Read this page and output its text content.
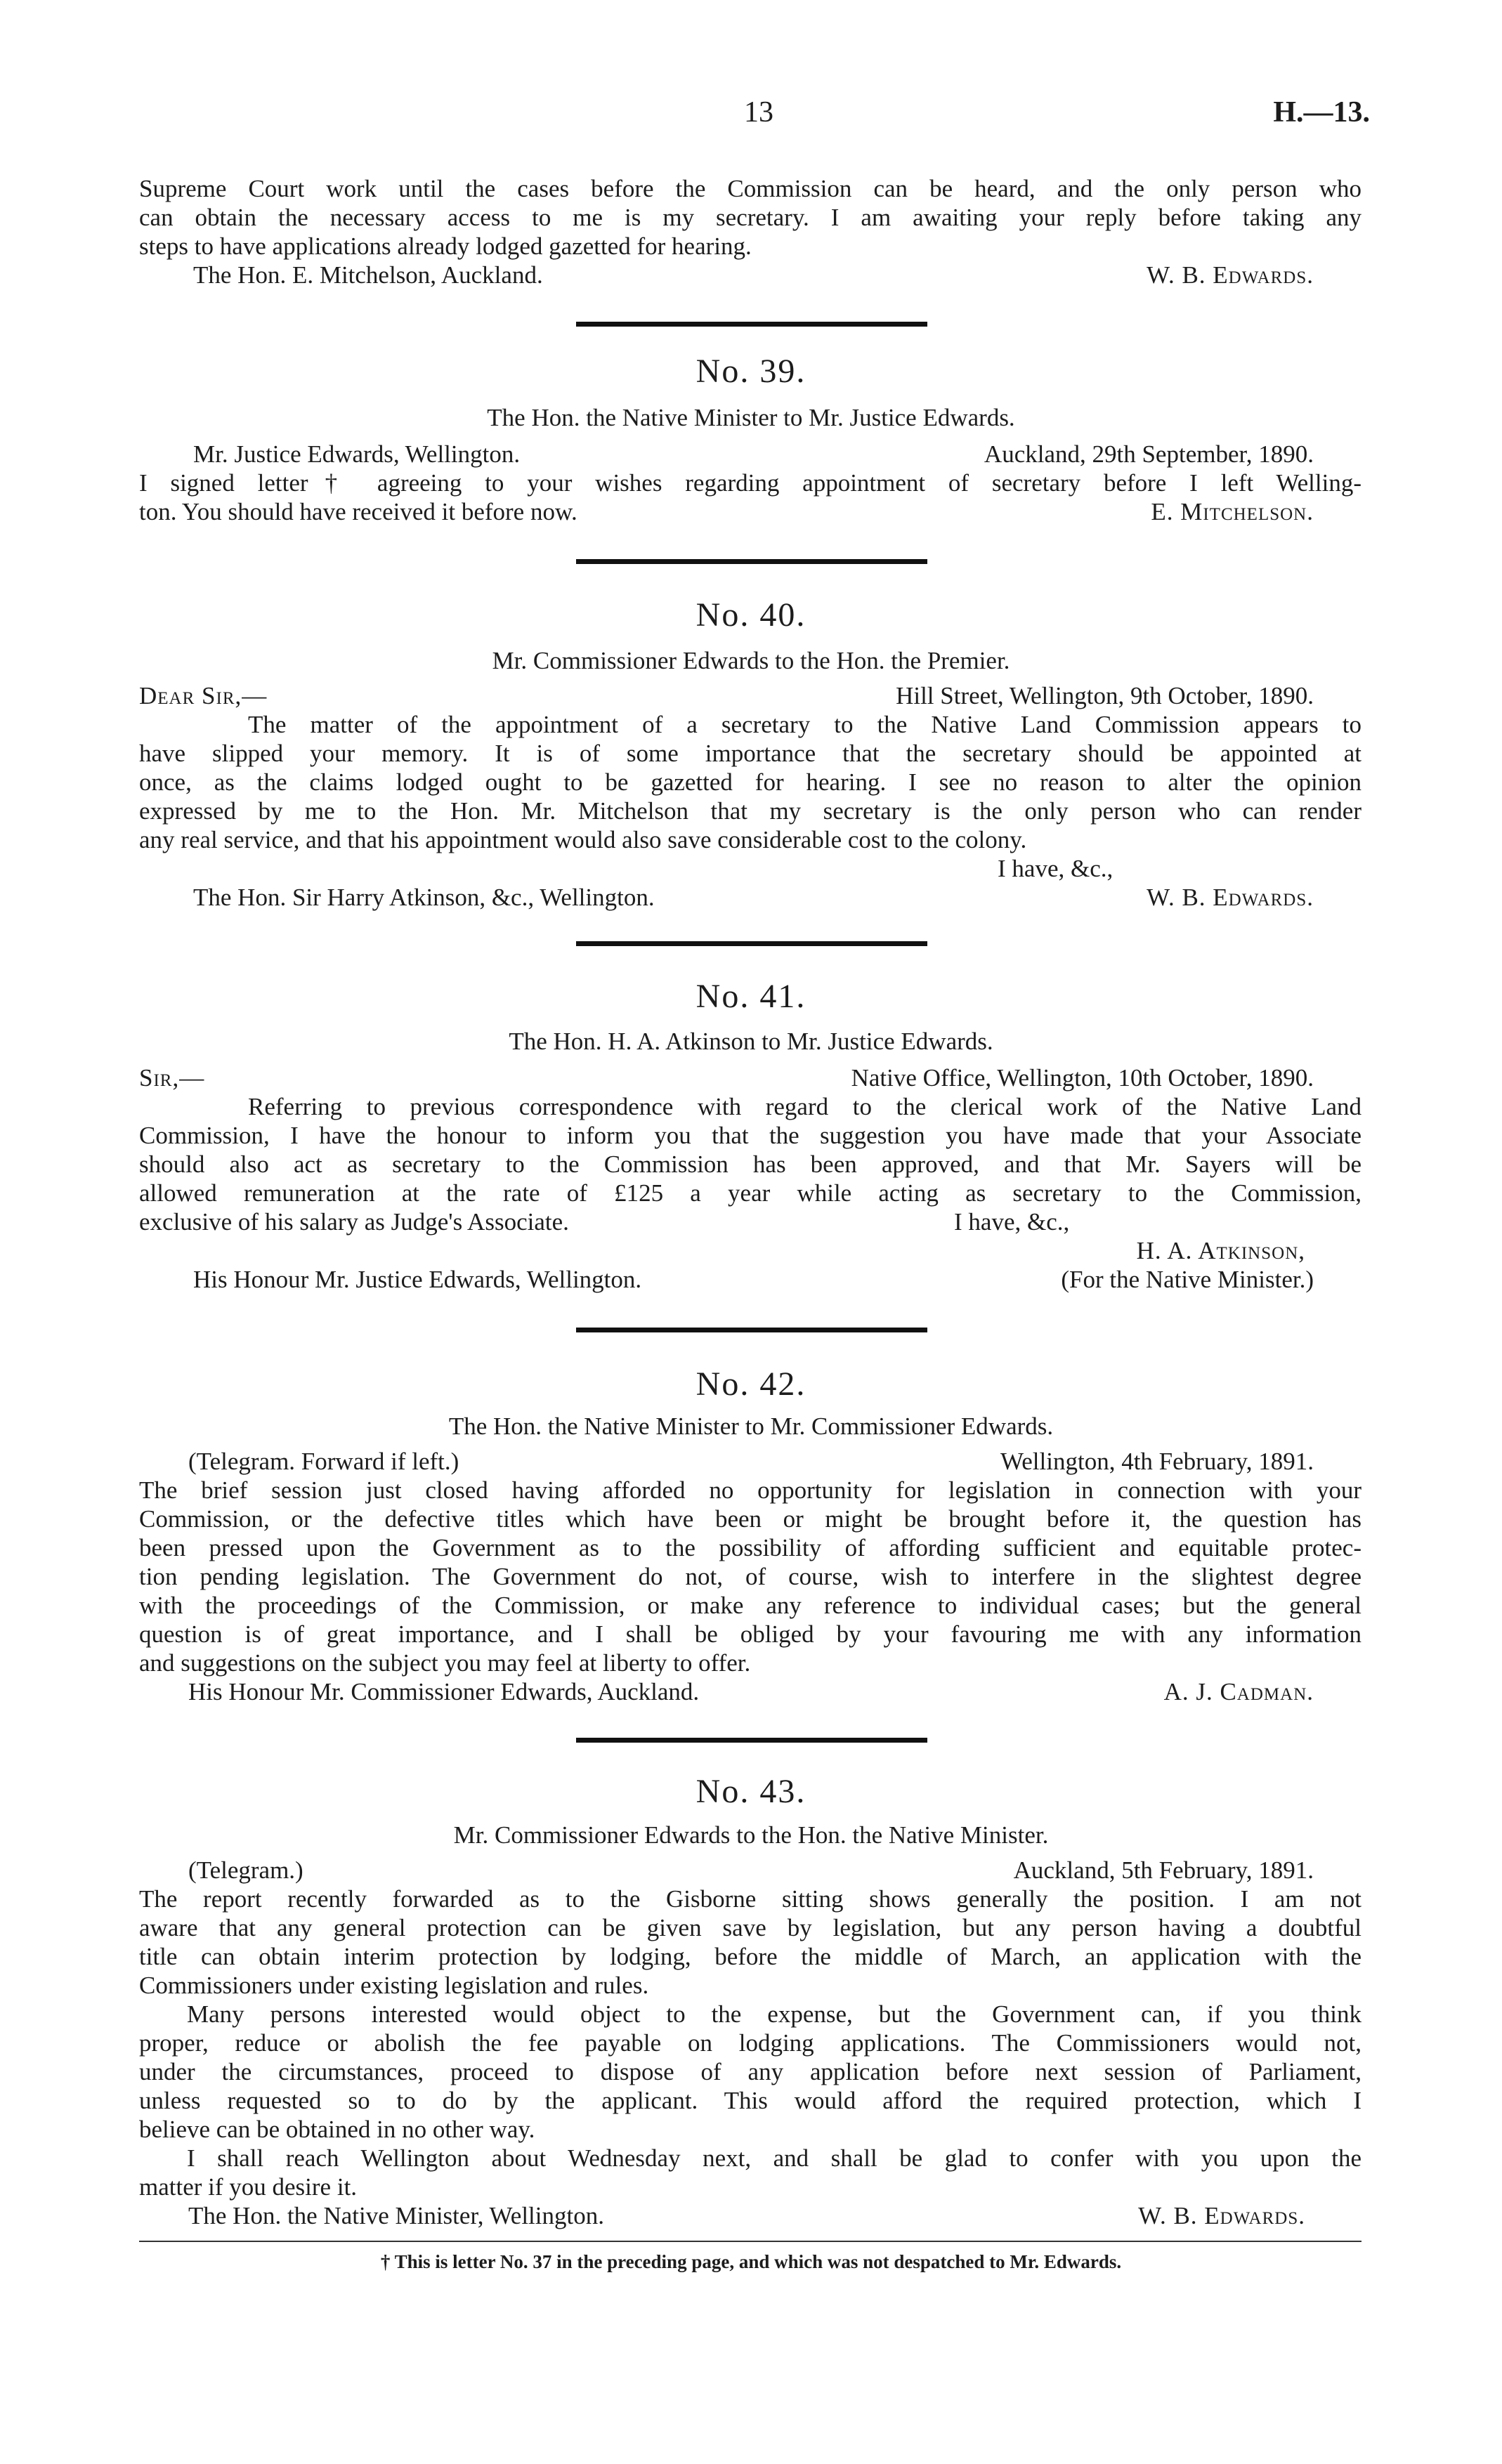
13	H.—13.
Supreme Court work until the cases before the Commission can be heard, and the only person who
can obtain the necessary access to me is my secretary. I am awaiting your reply before taking any
steps to have applications already lodged gazetted for hearing.
The Hon. E. Mitchelson, Auckland.	W. B. Edwards.
No. 39.
The Hon. the Native Minister to Mr. Justice Edwards.
Mr. Justice Edwards, Wellington.	Auckland, 29th September, 1890.
I signed letter† agreeing to your wishes regarding appointment of secretary before I left Welling-
ton. You should have received it before now.	E. Mitchelson.
No. 40.
Mr. Commissioner Edwards to the Hon. the Premier.
Dear Sir,—	Hill Street, Wellington, 9th October, 1890.
The matter of the appointment of a secretary to the Native Land Commission appears to
have slipped your memory. It is of some importance that the secretary should be appointed at
once, as the claims lodged ought to be gazetted for hearing. I see no reason to alter the opinion
expressed by me to the Hon. Mr. Mitchelson that my secretary is the only person who can render
any real service, and that his appointment would also save considerable cost to the colony.
I have, &c.,
The Hon. Sir Harry Atkinson, &c., Wellington.	W. B. Edwards.
No. 41.
The Hon. H. A. Atkinson to Mr. Justice Edwards.
Sir,—	Native Office, Wellington, 10th October, 1890.
Referring to previous correspondence with regard to the clerical work of the Native Land
Commission, I have the honour to inform you that the suggestion you have made that your Associate
should also act as secretary to the Commission has been approved, and that Mr. Sayers will be
allowed remuneration at the rate of £125 a year while acting as secretary to the Commission,
exclusive of his salary as Judge's Associate.	I have, &c.,
H. A. Atkinson,
His Honour Mr. Justice Edwards, Wellington.	(For the Native Minister.)
No. 42.
The Hon. the Native Minister to Mr. Commissioner Edwards.
(Telegram. Forward if left.)	Wellington, 4th February, 1891.
The brief session just closed having afforded no opportunity for legislation in connection with your
Commission, or the defective titles which have been or might be brought before it, the question has
been pressed upon the Government as to the possibility of affording sufficient and equitable protec-
tion pending legislation. The Government do not, of course, wish to interfere in the slightest degree
with the proceedings of the Commission, or make any reference to individual cases; but the general
question is of great importance, and I shall be obliged by your favouring me with any information
and suggestions on the subject you may feel at liberty to offer.
His Honour Mr. Commissioner Edwards, Auckland.	A. J. Cadman.
No. 43.
Mr. Commissioner Edwards to the Hon. the Native Minister.
(Telegram.)	Auckland, 5th February, 1891.
The report recently forwarded as to the Gisborne sitting shows generally the position. I am not
aware that any general protection can be given save by legislation, but any person having a doubtful
title can obtain interim protection by lodging, before the middle of March, an application with the
Commissioners under existing legislation and rules.
Many persons interested would object to the expense, but the Government can, if you think
proper, reduce or abolish the fee payable on lodging applications. The Commissioners would not,
under the circumstances, proceed to dispose of any application before next session of Parliament,
unless requested so to do by the applicant. This would afford the required protection, which I
believe can be obtained in no other way.
I shall reach Wellington about Wednesday next, and shall be glad to confer with you upon the
matter if you desire it.
The Hon. the Native Minister, Wellington.	W. B. Edwards.
† This is letter No. 37 in the preceding page, and which was not despatched to Mr. Edwards.
